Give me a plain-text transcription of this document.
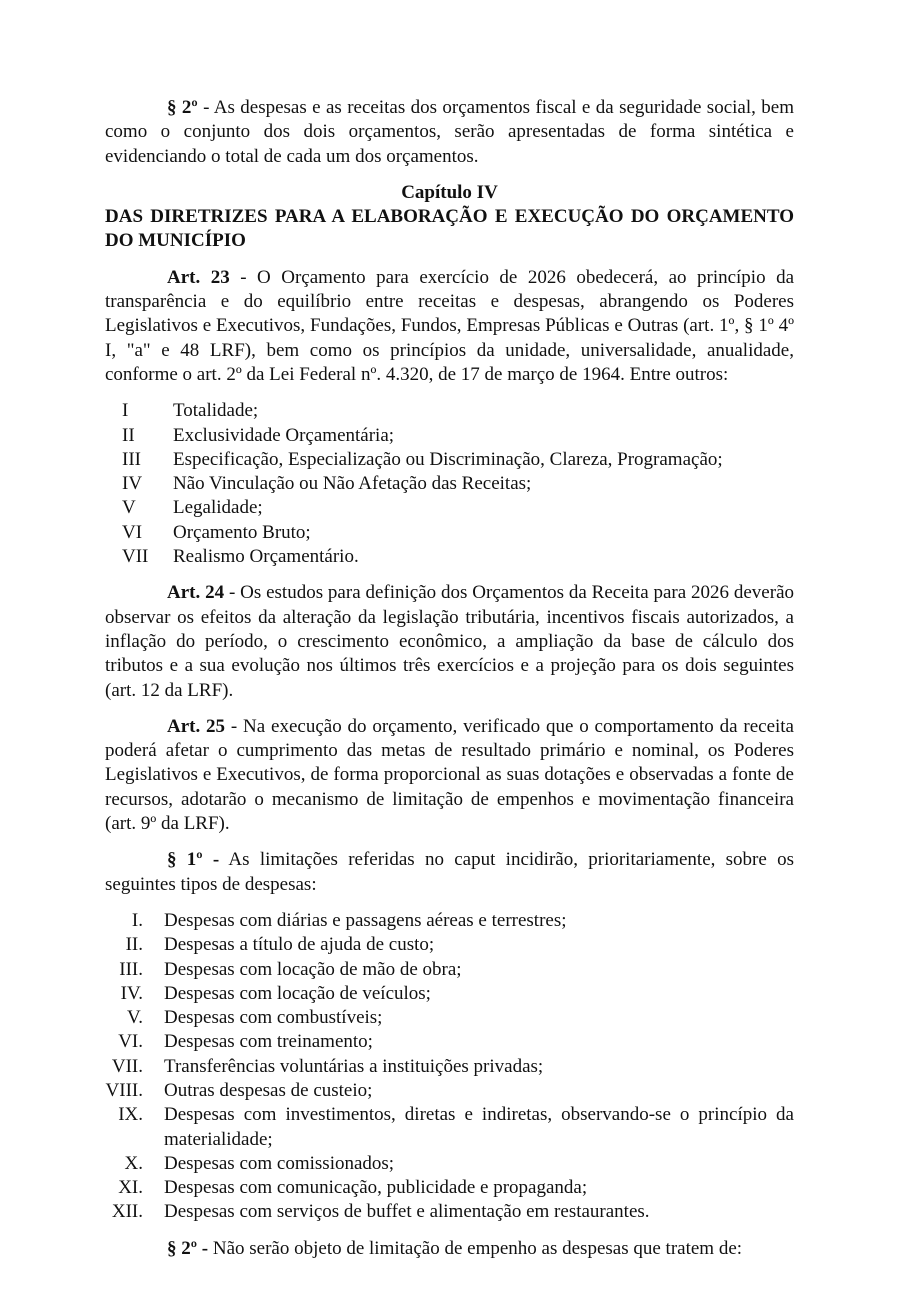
§ 2º - As despesas e as receitas dos orçamentos fiscal e da seguridade social, bem como o conjunto dos dois orçamentos, serão apresentadas de forma sintética e evidenciando o total de cada um dos orçamentos.

Capítulo IV

DAS DIRETRIZES PARA A ELABORAÇÃO E EXECUÇÃO DO ORÇAMENTO DO MUNICÍPIO

Art. 23 - O Orçamento para exercício de 2026 obedecerá, ao princípio da transparência e do equilíbrio entre receitas e despesas, abrangendo os Poderes Legislativos e Executivos, Fundações, Fundos, Empresas Públicas e Outras (art. 1º, § 1º 4º I, "a" e 48 LRF), bem como os princípios da unidade, universalidade, anualidade, conforme o art. 2º da Lei Federal nº. 4.320, de 17 de março de 1964. Entre outros:

I	Totalidade;
II	Exclusividade Orçamentária;
III	Especificação, Especialização ou Discriminação, Clareza, Programação;
IV	Não Vinculação ou Não Afetação das Receitas;
V	Legalidade;
VI	Orçamento Bruto;
VII	Realismo Orçamentário.

Art. 24 - Os estudos para definição dos Orçamentos da Receita para 2026 deverão observar os efeitos da alteração da legislação tributária, incentivos fiscais autorizados, a inflação do período, o crescimento econômico, a ampliação da base de cálculo dos tributos e a sua evolução nos últimos três exercícios e a projeção para os dois seguintes (art. 12 da LRF).

Art. 25 - Na execução do orçamento, verificado que o comportamento da receita poderá afetar o cumprimento das metas de resultado primário e nominal, os Poderes Legislativos e Executivos, de forma proporcional as suas dotações e observadas a fonte de recursos, adotarão o mecanismo de limitação de empenhos e movimentação financeira (art. 9º da LRF).

§ 1º - As limitações referidas no caput incidirão, prioritariamente, sobre os seguintes tipos de despesas:

I.	Despesas com diárias e passagens aéreas e terrestres;
II.	Despesas a título de ajuda de custo;
III.	Despesas com locação de mão de obra;
IV.	Despesas com locação de veículos;
V.	Despesas com combustíveis;
VI.	Despesas com treinamento;
VII.	Transferências voluntárias a instituições privadas;
VIII.	Outras despesas de custeio;
IX.	Despesas com investimentos, diretas e indiretas, observando-se o princípio da materialidade;
X.	Despesas com comissionados;
XI.	Despesas com comunicação, publicidade e propaganda;
XII.	Despesas com serviços de buffet e alimentação em restaurantes.

§ 2º - Não serão objeto de limitação de empenho as despesas que tratem de:
